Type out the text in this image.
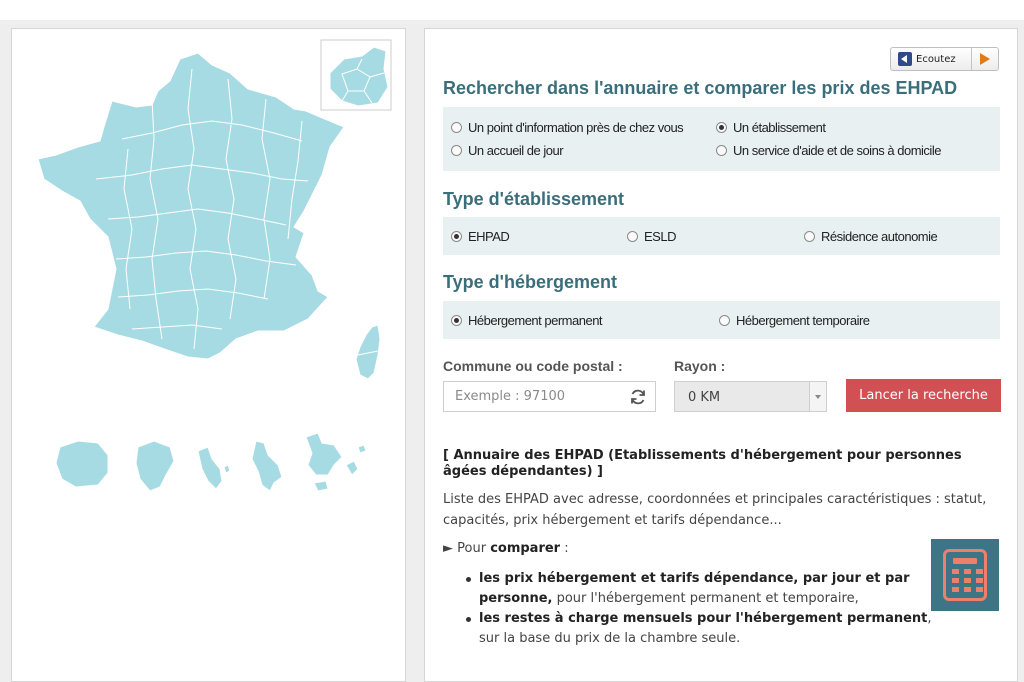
Ecoutez
Rechercher dans l'annuaire et comparer les prix des EHPAD
Un point d'information près de chez vous	Un établissement
Un accueil de jour	Un service d'aide et de soins à domicile
Type d'établissement
EHPAD	ESLD	Résidence autonomie
Type d'hébergement
Hébergement permanent	Hébergement temporaire
Commune ou code postal :	Rayon :
Exemple : 97100
0 KM	Lancer la recherche
[ Annuaire des EHPAD (Etablissements d'hébergement pour personnes âgées dépendantes) ]
Liste des EHPAD avec adresse, coordonnées et principales caractéristiques : statut, capacités, prix hébergement et tarifs dépendance...
► Pour comparer :
les prix hébergement et tarifs dépendance, par jour et par personne, pour l'hébergement permanent et temporaire,
les restes à charge mensuels pour l'hébergement permanent, sur la base du prix de la chambre seule.
